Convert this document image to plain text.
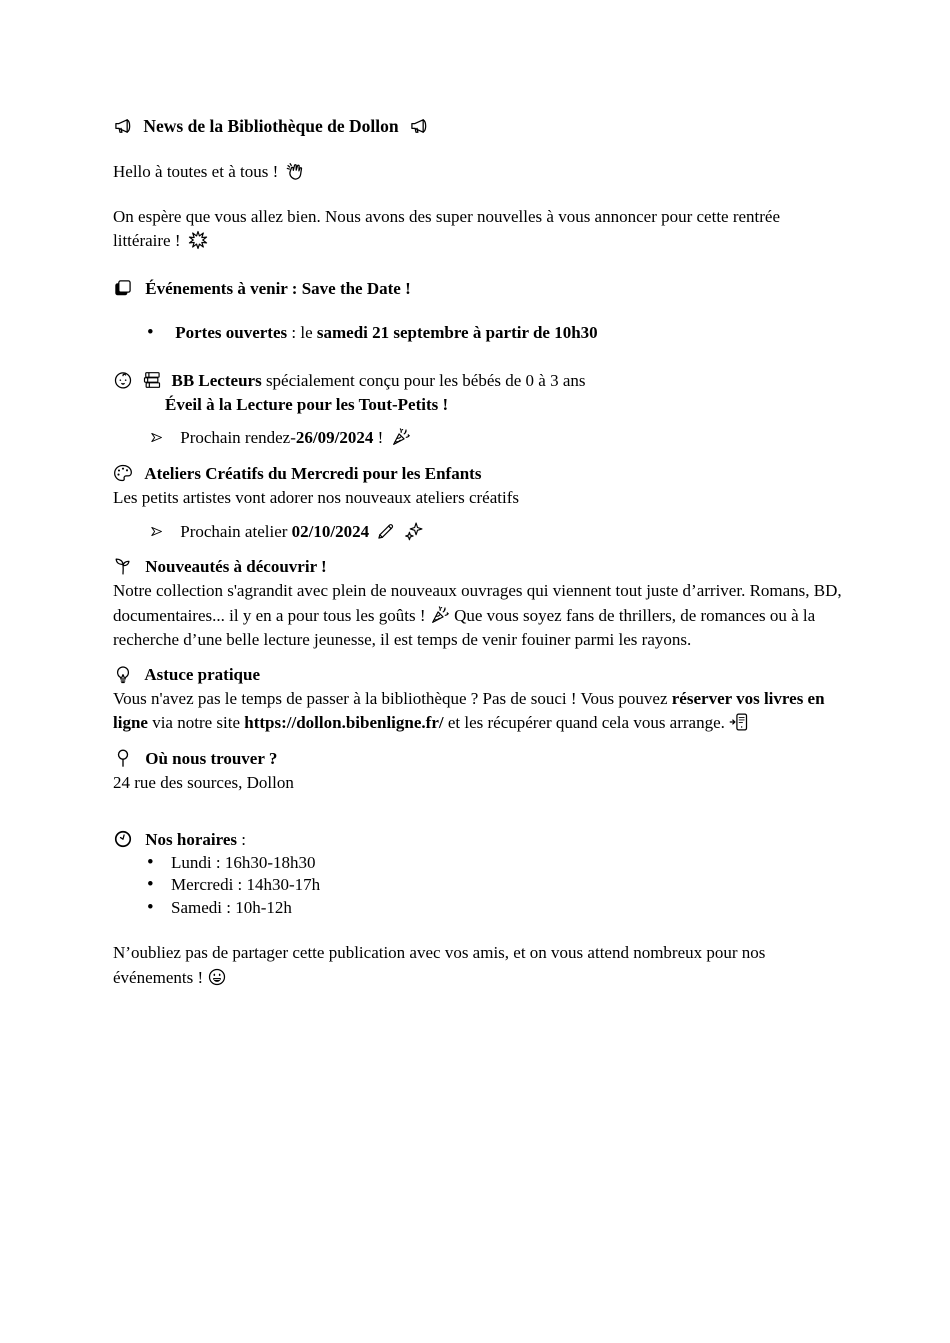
News de la Bibliothèque de Dollon

Hello à toutes et à tous !

On espère que vous allez bien. Nous avons des super nouvelles à vous annoncer pour cette rentrée littéraire !

Événements à venir : Save the Date !

• Portes ouvertes : le samedi 21 septembre à partir de 10h30

BB Lecteurs spécialement conçu pour les bébés de 0 à 3 ans

Éveil à la Lecture pour les Tout-Petits !

Prochain rendez-26/09/2024 !

Ateliers Créatifs du Mercredi pour les Enfants

Les petits artistes vont adorer nos nouveaux ateliers créatifs

Prochain atelier 02/10/2024

Nouveautés à découvrir !

Notre collection s'agrandit avec plein de nouveaux ouvrages qui viennent tout juste d’arriver. Romans, BD, documentaires... il y en a pour tous les goûts !
Que vous soyez fans de thrillers, de romances ou à la recherche d’une belle lecture jeunesse, il est temps de venir fouiner parmi les rayons.

Astuce pratique

Vous n'avez pas le temps de passer à la bibliothèque ? Pas de souci ! Vous pouvez réserver vos livres en ligne via notre site https://dollon.bibenligne.fr/ et les récupérer quand cela vous arrange.

Où nous trouver ?

24 rue des sources, Dollon

Nos horaires :

•Lundi : 16h30-18h30
•Mercredi : 14h30-17h
•Samedi : 10h-12h

N’oubliez pas de partager cette publication avec vos amis, et on vous attend nombreux pour nos événements !
